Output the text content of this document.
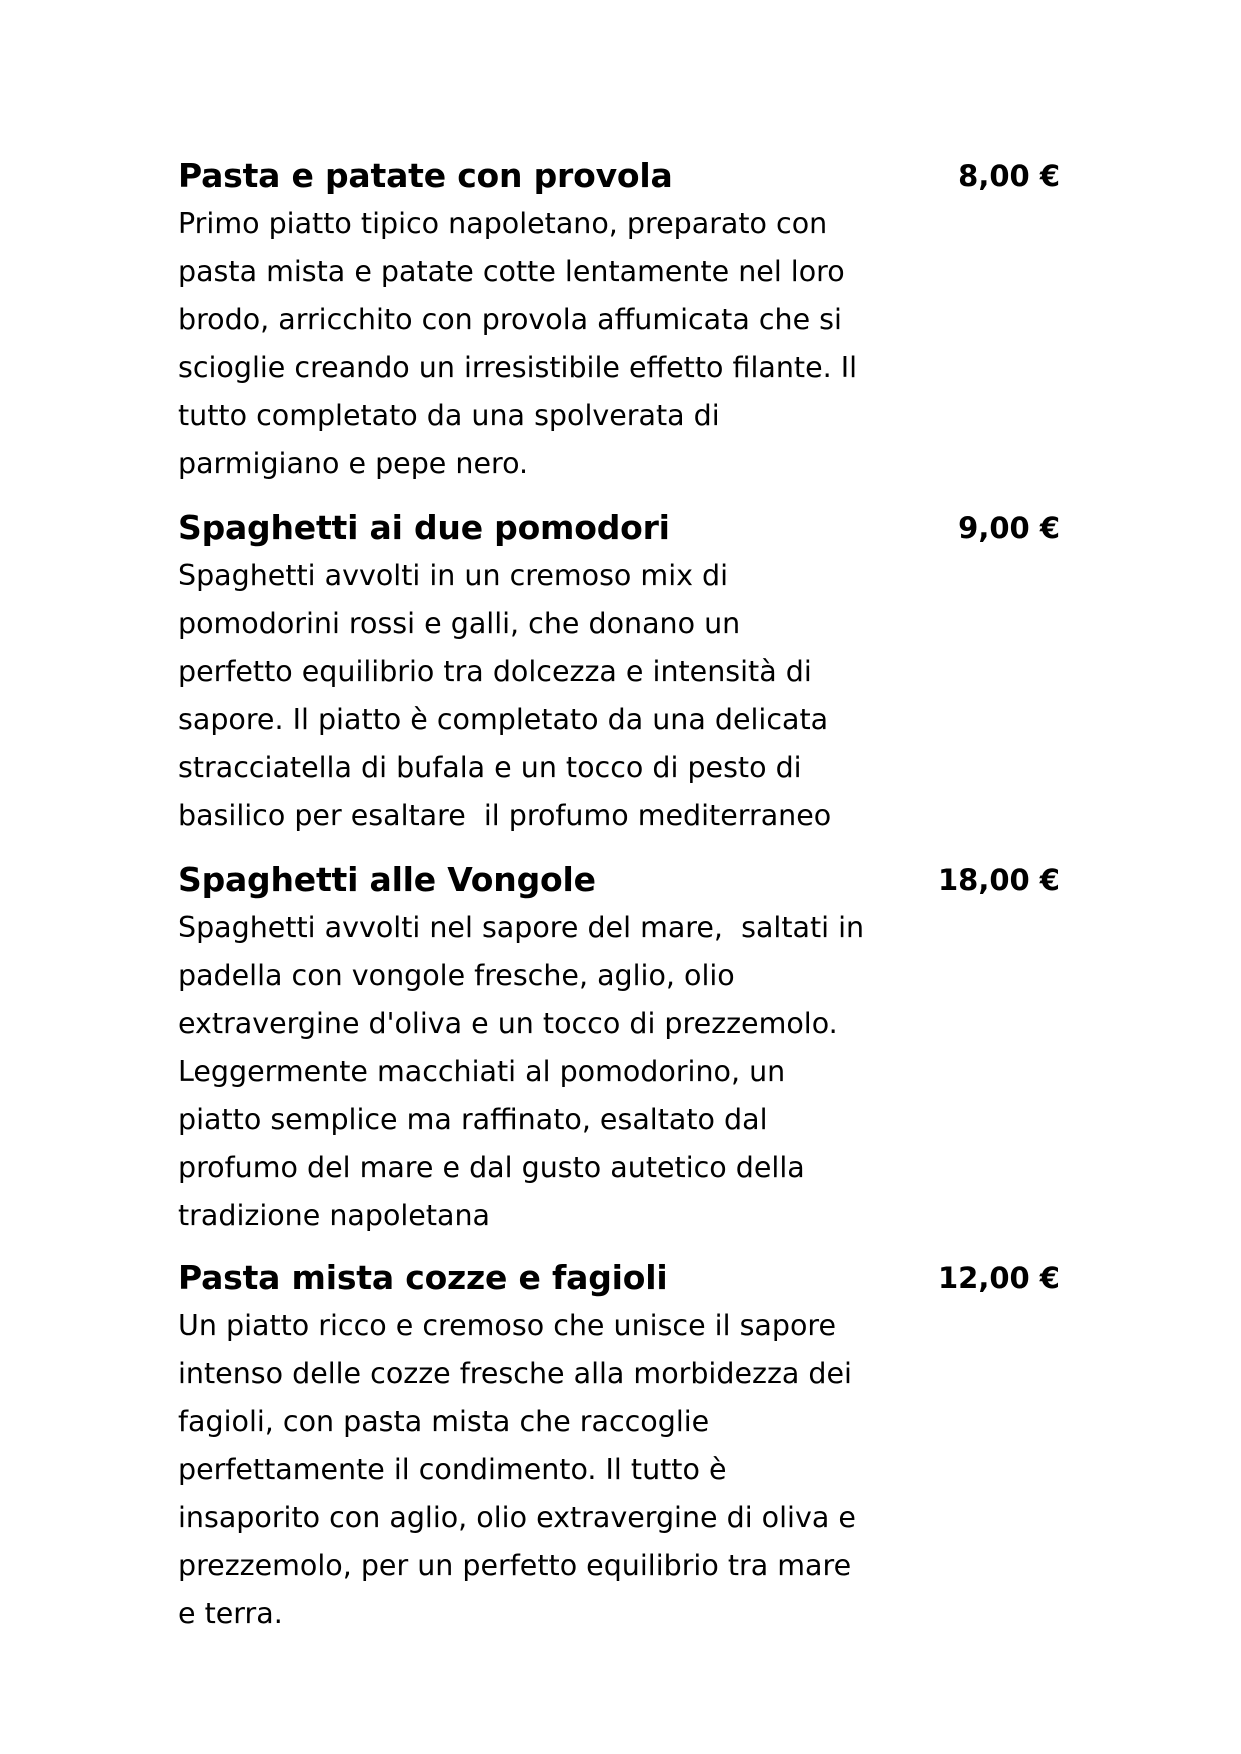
Pasta e patate con provola	8,00 €
Primo piatto tipico napoletano, preparato con
pasta mista e patate cotte lentamente nel loro
brodo, arricchito con provola affumicata che si
scioglie creando un irresistibile effetto filante. Il
tutto completato da una spolverata di
parmigiano e pepe nero.
Spaghetti ai due pomodori	9,00 €
Spaghetti avvolti in un cremoso mix di
pomodorini rossi e galli, che donano un
perfetto equilibrio tra dolcezza e intensità di
sapore. Il piatto è completato da una delicata
stracciatella di bufala e un tocco di pesto di
basilico per esaltare  il profumo mediterraneo
Spaghetti alle Vongole	18,00 €
Spaghetti avvolti nel sapore del mare,  saltati in
padella con vongole fresche, aglio, olio
extravergine d'oliva e un tocco di prezzemolo.
Leggermente macchiati al pomodorino, un
piatto semplice ma raffinato, esaltato dal
profumo del mare e dal gusto autetico della
tradizione napoletana
Pasta mista cozze e fagioli	12,00 €
Un piatto ricco e cremoso che unisce il sapore
intenso delle cozze fresche alla morbidezza dei
fagioli, con pasta mista che raccoglie
perfettamente il condimento. Il tutto è
insaporito con aglio, olio extravergine di oliva e
prezzemolo, per un perfetto equilibrio tra mare
e terra.
